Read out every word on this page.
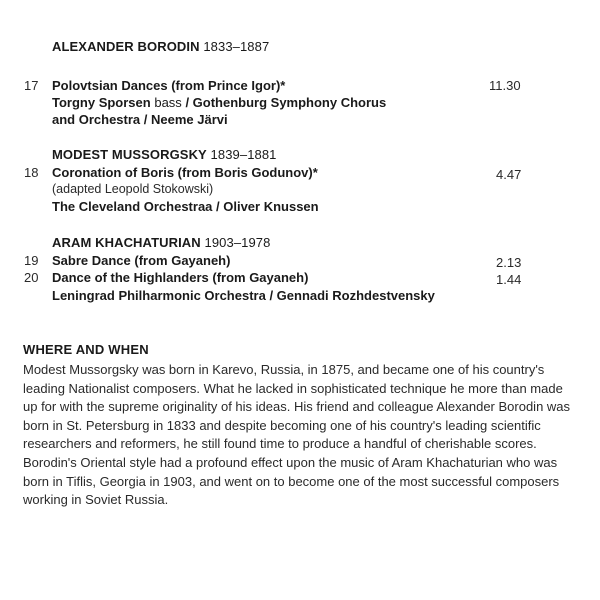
ALEXANDER BORODIN 1833–1887
17 Polovtsian Dances (from Prince Igor)*	11.30
Torgny Sporsen bass / Gothenburg Symphony Chorus
and Orchestra / Neeme Järvi
MODEST MUSSORGSKY 1839–1881
18 Coronation of Boris (from Boris Godunov)*	4.47
(adapted Leopold Stokowski)
The Cleveland Orchestraa / Oliver Knussen
ARAM KHACHATURIAN 1903–1978
19 Sabre Dance (from Gayaneh)	2.13
20 Dance of the Highlanders (from Gayaneh)	1.44
Leningrad Philharmonic Orchestra / Gennadi Rozhdestvensky
WHERE AND WHEN
Modest Mussorgsky was born in Karevo, Russia, in 1875, and became one of his country's
leading Nationalist composers. What he lacked in sophisticated technique he more than made
up for with the supreme originality of his ideas. His friend and colleague Alexander Borodin was
born in St. Petersburg in 1833 and despite becoming one of his country's leading scientific
researchers and reformers, he still found time to produce a handful of cherishable scores.
Borodin's Oriental style had a profound effect upon the music of Aram Khachaturian who was
born in Tiflis, Georgia in 1903, and went on to become one of the most successful composers
working in Soviet Russia.
